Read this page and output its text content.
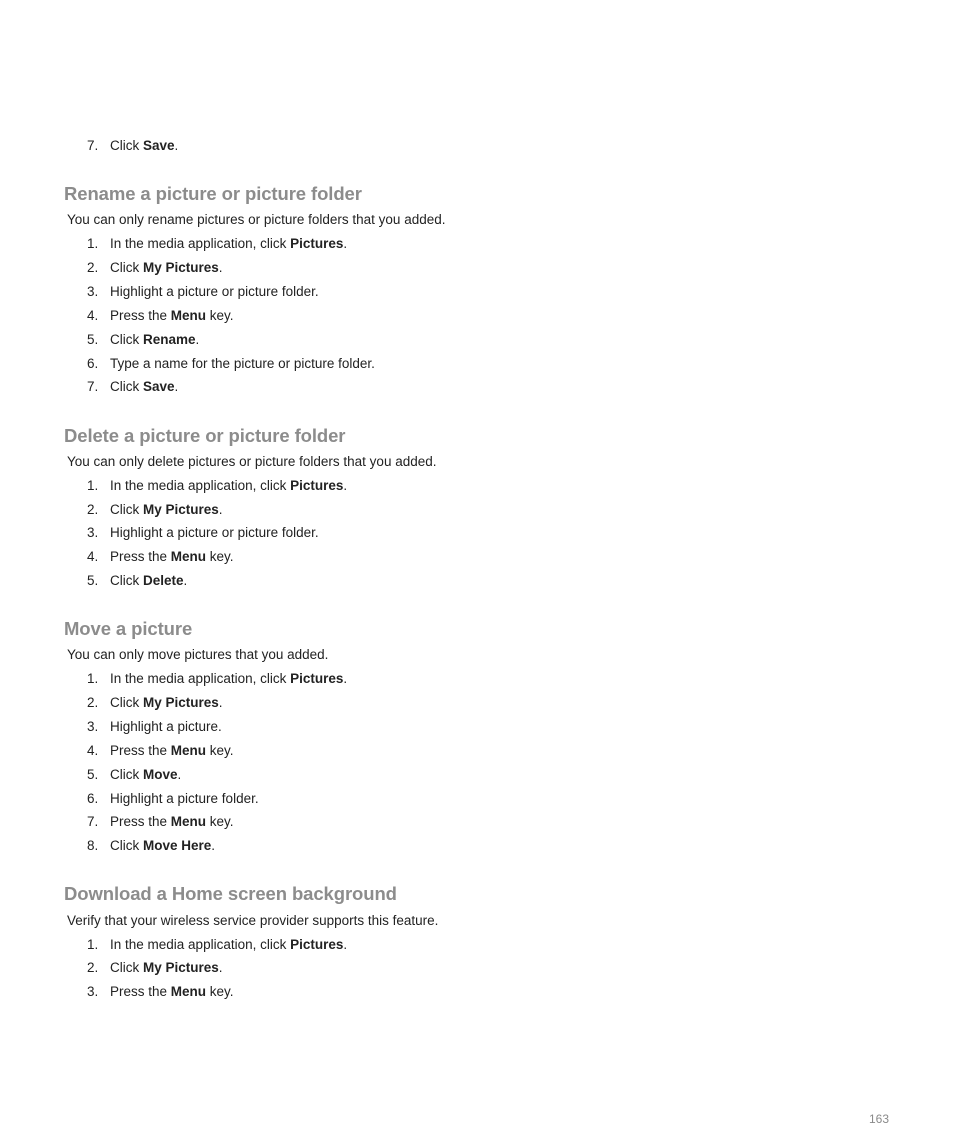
7. Click Save.
Rename a picture or picture folder
You can only rename pictures or picture folders that you added.
1. In the media application, click Pictures.
2. Click My Pictures.
3. Highlight a picture or picture folder.
4. Press the Menu key.
5. Click Rename.
6. Type a name for the picture or picture folder.
7. Click Save.
Delete a picture or picture folder
You can only delete pictures or picture folders that you added.
1. In the media application, click Pictures.
2. Click My Pictures.
3. Highlight a picture or picture folder.
4. Press the Menu key.
5. Click Delete.
Move a picture
You can only move pictures that you added.
1. In the media application, click Pictures.
2. Click My Pictures.
3. Highlight a picture.
4. Press the Menu key.
5. Click Move.
6. Highlight a picture folder.
7. Press the Menu key.
8. Click Move Here.
Download a Home screen background
Verify that your wireless service provider supports this feature.
1. In the media application, click Pictures.
2. Click My Pictures.
3. Press the Menu key.
163
